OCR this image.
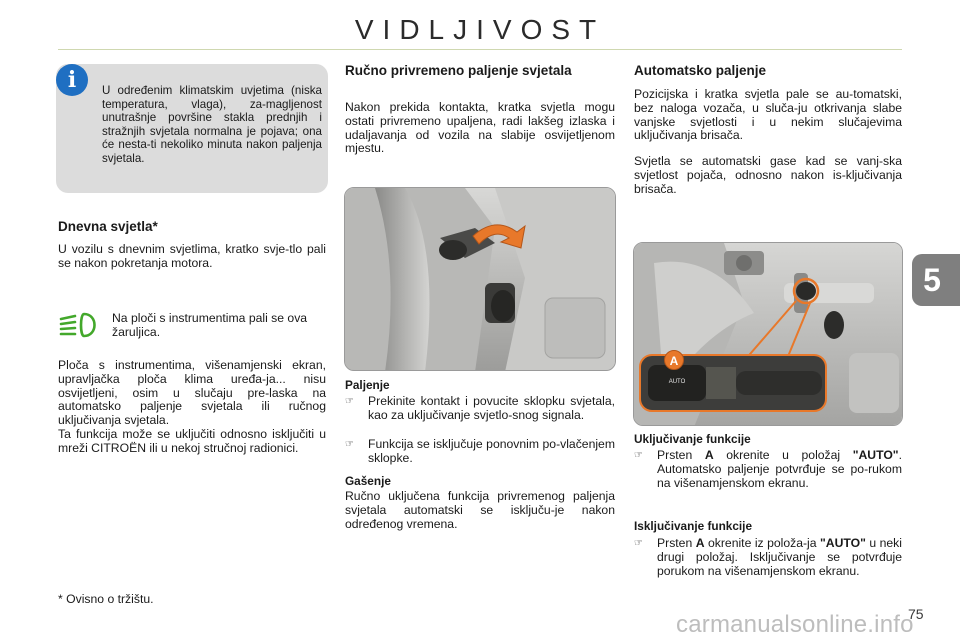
VIDLJIVOST
i	U određenim klimatskim uvjetima (niska temperatura, vlaga), za-magljenost unutrašnje površine stakla prednjih i stražnjih svjetala normalna je pojava; ona će nesta-ti nekoliko minuta nakon paljenja svjetala.
Dnevna svjetla*

U vozilu s dnevnim svjetlima, kratko svje-tlo pali se nakon pokretanja motora.

Na ploči s instrumentima pali se ova žaruljica.

Ploča s instrumentima, višenamjenski ekran, upravljačka ploča klima uređa-ja... nisu osvijetljeni, osim u slučaju pre-laska na automatsko paljenje svjetala ili ručnog uključivanja svjetala.

Ta funkcija može se uključiti odnosno isključiti u mreži CITROËN ili u nekoj stručnoj radionici.

Ručno privremeno paljenje svjetala

Nakon prekida kontakta, kratka svjetla mogu ostati privremeno upaljena, radi lakšeg izlaska i udaljavanja od vozila na slabije osvijetljenom mjestu.

Paljenje
☞	Prekinite kontakt i povucite sklopku svjetala, kao za uključivanje svjetlo-snog signala.
☞	Funkcija se isključuje ponovnim po-vlačenjem sklopke.
Gašenje

Ručno uključena funkcija privremenog paljenja svjetala automatski se isključu-je nakon određenog vremena.

Automatsko paljenje

Pozicijska i kratka svjetla pale se au-tomatski, bez naloga vozača, u sluča-ju otkrivanja slabe vanjske svjetlosti i u nekim slučajevima uključivanja brisača.

Svjetla se automatski gase kad se vanj-ska svjetlost pojača, odnosno nakon is-ključivanja brisača.

AUTO
A
Uključivanje funkcije
☞	Prsten A okrenite u položaj "AUTO". Automatsko paljenje potvrđuje se po-rukom na višenamjenskom ekranu.
Isključivanje funkcije
☞	Prsten A okrenite iz položa-ja "AUTO" u neki drugi položaj. Isključivanje se potvrđuje porukom na višenamjenskom ekranu.
5
* Ovisno o tržištu.
75
carmanualsonline.info
